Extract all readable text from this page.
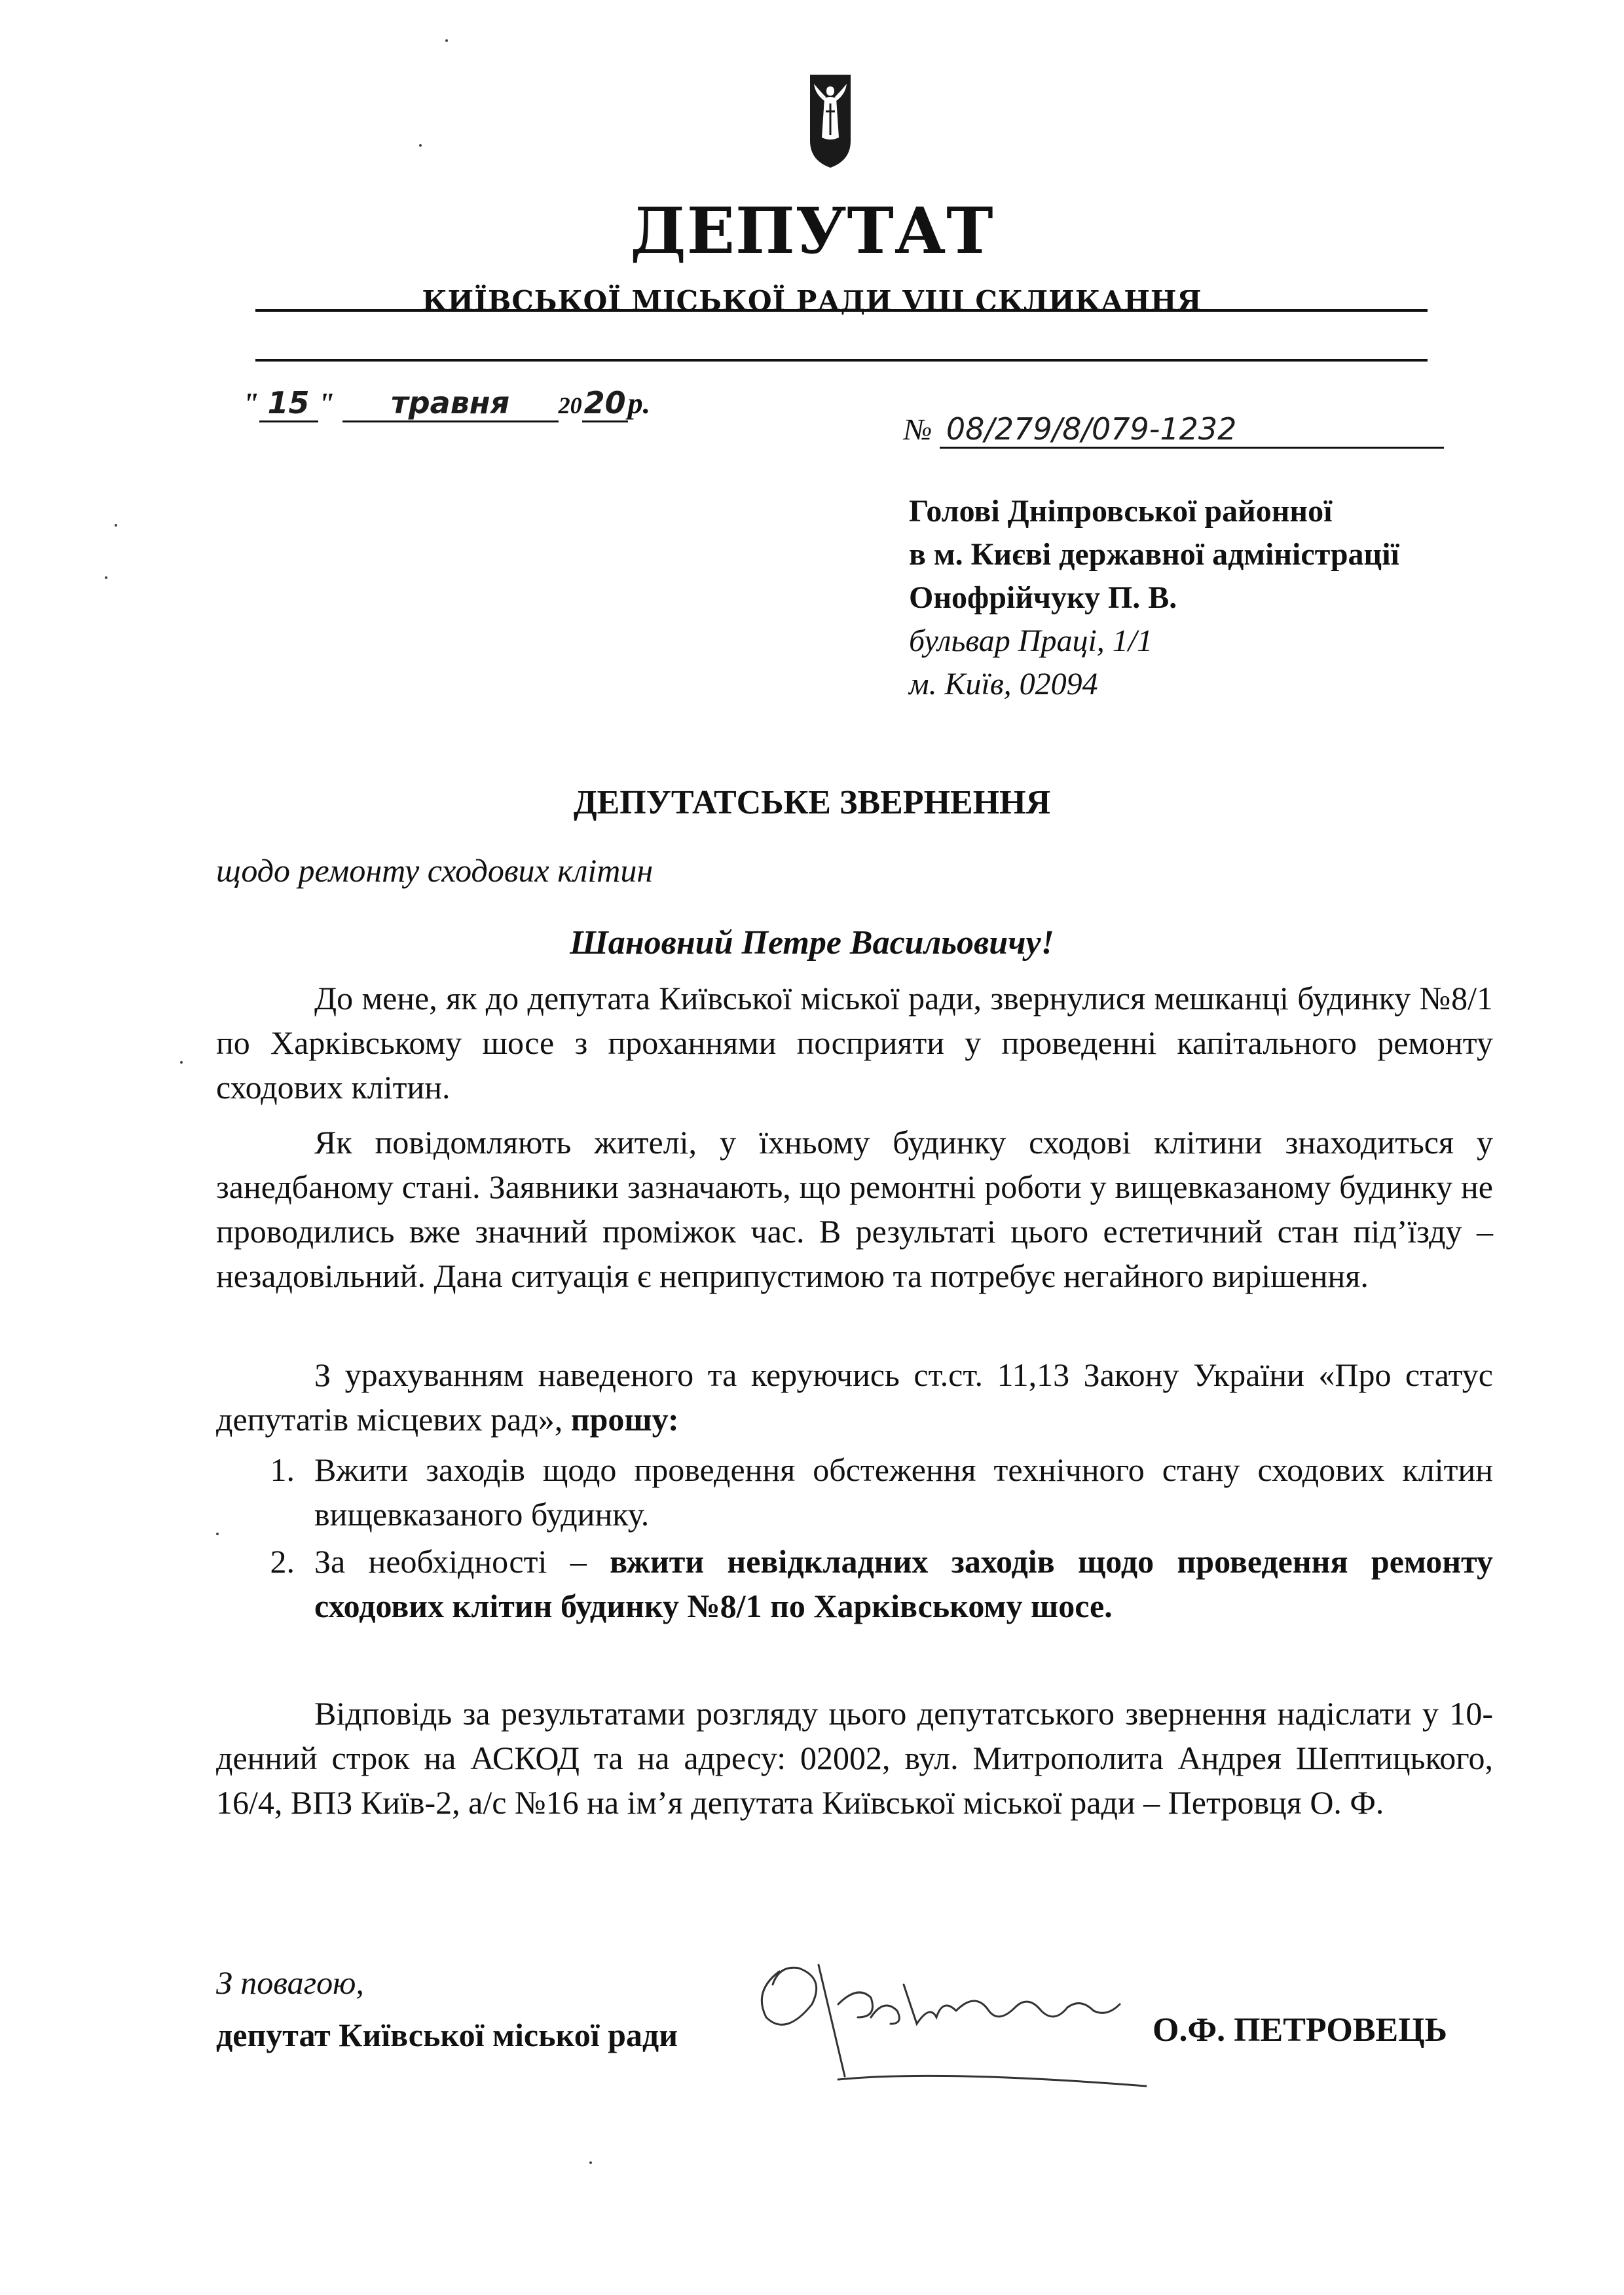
ДЕПУТАТ
КИЇВСЬКОЇ МІСЬКОЇ РАДИ VIII СКЛИКАННЯ
" 15 " травня 2020р.
№ 08/279/8/079-1232
Голові Дніпровської районної
в м. Києві державної адміністрації
Онофрійчуку П. В.
бульвар Праці, 1/1
м. Київ, 02094
ДЕПУТАТСЬКЕ ЗВЕРНЕННЯ
щодо ремонту сходових клітин
Шановний Петре Васильовичу!
До мене, як до депутата Київської міської ради, звернулися мешканці будинку №8/1 по Харківському шосе з проханнями посприяти у проведенні капітального ремонту сходових клітин.
Як повідомляють жителі, у їхньому будинку сходові клітини знаходиться у занедбаному стані. Заявники зазначають, що ремонтні роботи у вищевказаному будинку не проводились вже значний проміжок час. В результаті цього естетичний стан під’їзду – незадовільний. Дана ситуація є неприпустимою та потребує негайного вирішення.
З урахуванням наведеного та керуючись ст.ст. 11,13 Закону України «Про статус депутатів місцевих рад», прошу:
1. Вжити заходів щодо проведення обстеження технічного стану сходових клітин вищевказаного будинку.
2. За необхідності – вжити невідкладних заходів щодо проведення ремонту сходових клітин будинку №8/1 по Харківському шосе.
Відповідь за результатами розгляду цього депутатського звернення надіслати у 10-денний строк на АСКОД та на адресу: 02002, вул. Митрополита Андрея Шептицького, 16/4, ВПЗ Київ-2, а/с №16 на ім’я депутата Київської міської ради – Петровця О. Ф.
З повагою,
депутат Київської міської ради	О.Ф. ПЕТРОВЕЦЬ
